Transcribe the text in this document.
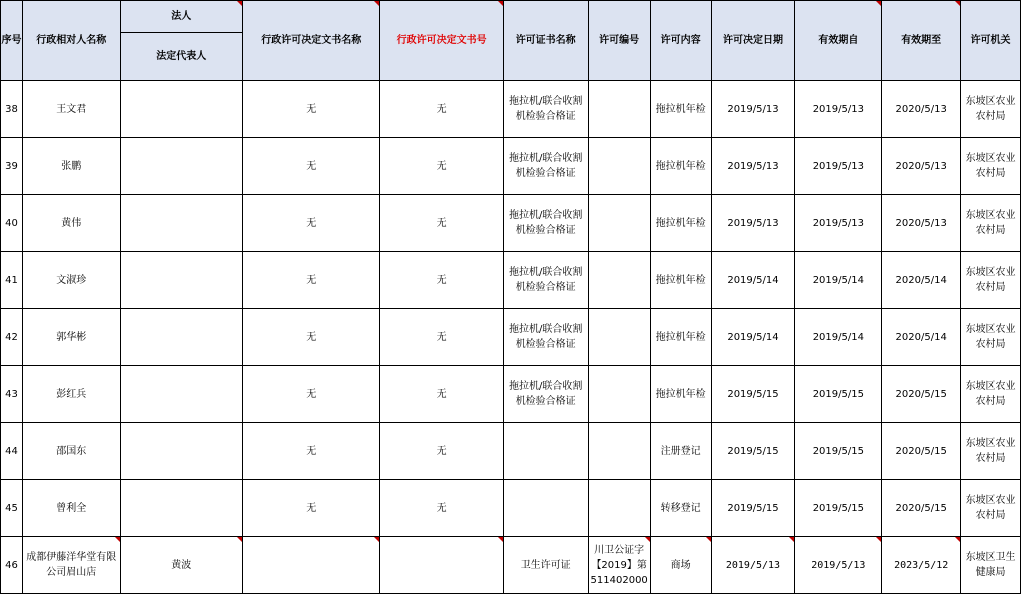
序号	行政相对人名称	法人	行政许可决定文书名称	行政许可决定文书号	许可证书名称	许可编号	许可内容	许可决定日期	有效期自	有效期至	许可机关
		法定代表人									
38	王文君		无	无	拖拉机/联合收割机检验合格证		拖拉机年检	2019/5/13	2019/5/13	2020/5/13	东坡区农业农村局

39	张鹏		无	无	拖拉机/联合收割机检验合格证		拖拉机年检	2019/5/13	2019/5/13	2020/5/13	东坡区农业农村局

40	黄伟		无	无	拖拉机/联合收割机检验合格证		拖拉机年检	2019/5/13	2019/5/13	2020/5/13	东坡区农业农村局

41	文淑珍		无	无	拖拉机/联合收割机检验合格证		拖拉机年检	2019/5/14	2019/5/14	2020/5/14	东坡区农业农村局

42	郭华彬		无	无	拖拉机/联合收割机检验合格证		拖拉机年检	2019/5/14	2019/5/14	2020/5/14	东坡区农业农村局

43	彭红兵		无	无	拖拉机/联合收割机检验合格证		拖拉机年检	2019/5/15	2019/5/15	2020/5/15	东坡区农业农村局

44	邵国东		无	无			注册登记	2019/5/15	2019/5/15	2020/5/15	东坡区农业农村局

45	曾利全		无	无			转移登记	2019/5/15	2019/5/15	2020/5/15	东坡区农业农村局

46	成都伊藤洋华堂有限公司眉山店	黄波			卫生许可证	川卫公证字【2019】第511402000	商场	2019/5/13	2019/5/13	2023/5/12	东坡区卫生健康局
